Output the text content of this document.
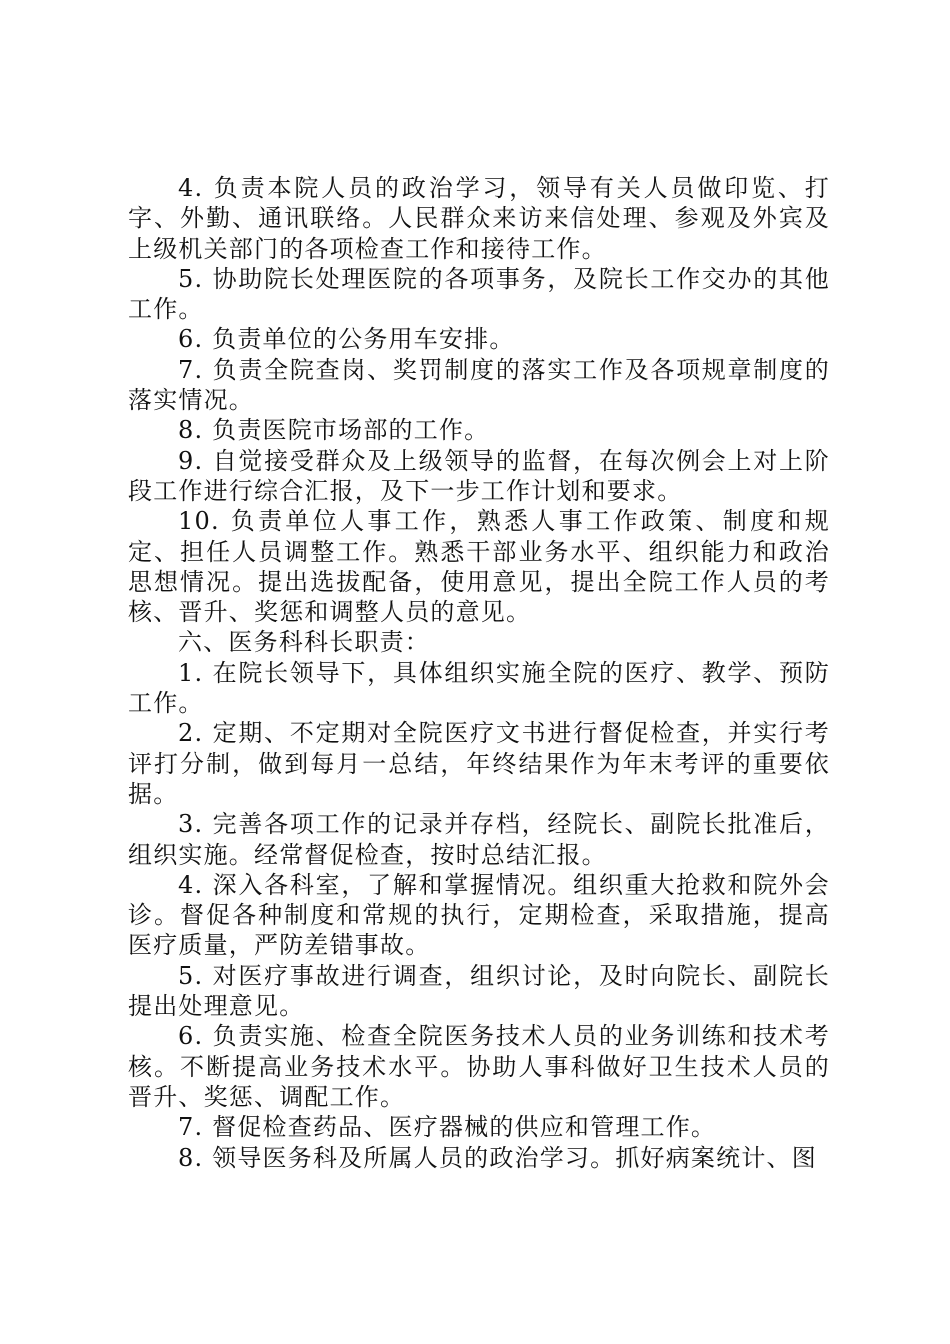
4. 负责本院人员的政治学习，领导有关人员做印览、打字、外勤、通讯联络。人民群众来访来信处理、参观及外宾及上级机关部门的各项检查工作和接待工作。

5. 协助院长处理医院的各项事务，及院长工作交办的其他工作。

6. 负责单位的公务用车安排。

7. 负责全院查岗、奖罚制度的落实工作及各项规章制度的落实情况。

8. 负责医院市场部的工作。

9. 自觉接受群众及上级领导的监督，在每次例会上对上阶段工作进行综合汇报，及下一步工作计划和要求。

10. 负责单位人事工作，熟悉人事工作政策、制度和规定、担任人员调整工作。熟悉干部业务水平、组织能力和政治思想情况。提出选拔配备，使用意见，提出全院工作人员的考核、晋升、奖惩和调整人员的意见。

六、医务科科长职责：

1. 在院长领导下，具体组织实施全院的医疗、教学、预防工作。

2. 定期、不定期对全院医疗文书进行督促检查，并实行考评打分制，做到每月一总结，年终结果作为年末考评的重要依据。

3. 完善各项工作的记录并存档，经院长、副院长批准后，组织实施。经常督促检查，按时总结汇报。

4. 深入各科室，了解和掌握情况。组织重大抢救和院外会诊。督促各种制度和常规的执行，定期检查，采取措施，提高医疗质量，严防差错事故。

5. 对医疗事故进行调查，组织讨论，及时向院长、副院长提出处理意见。

6. 负责实施、检查全院医务技术人员的业务训练和技术考核。不断提高业务技术水平。协助人事科做好卫生技术人员的晋升、奖惩、调配工作。

7. 督促检查药品、医疗器械的供应和管理工作。

8. 领导医务科及所属人员的政治学习。抓好病案统计、图
